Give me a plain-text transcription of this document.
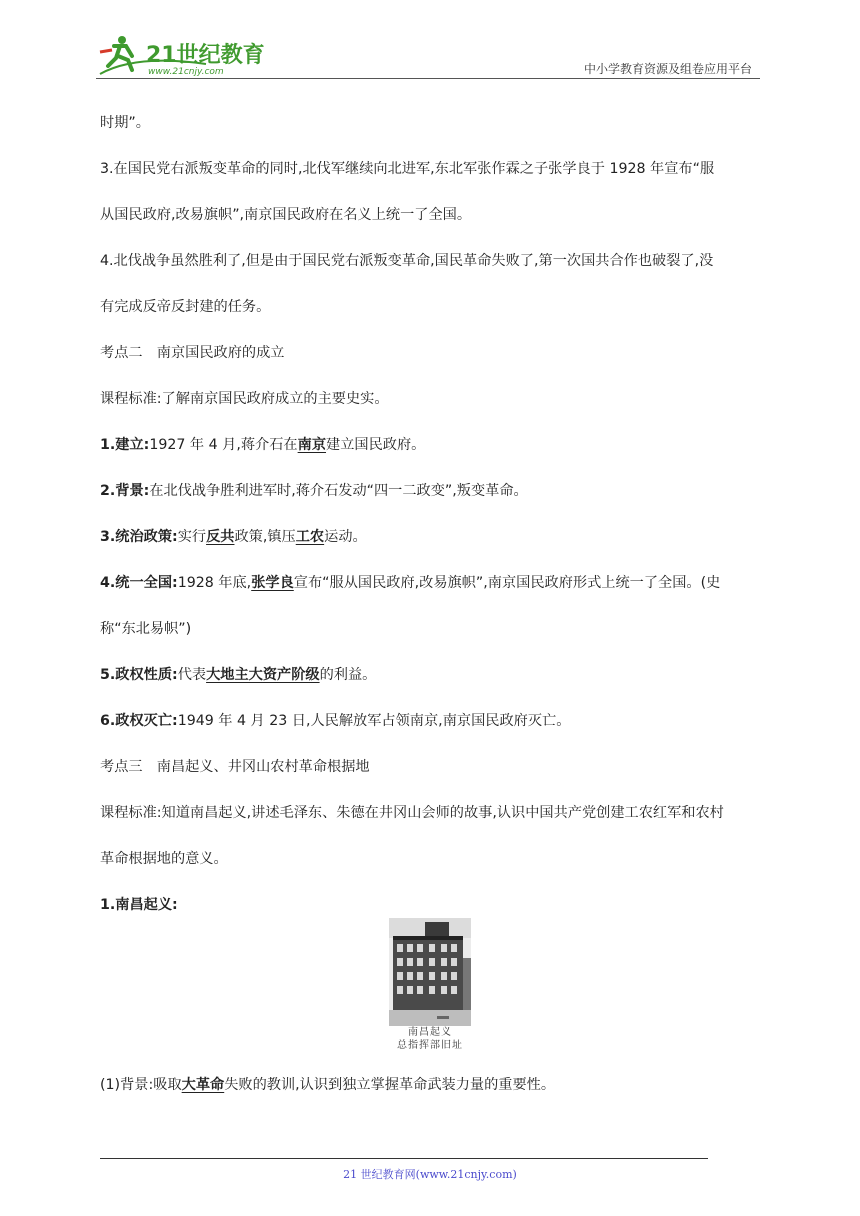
21世纪教育
www.21cnjy.com	中小学教育资源及组卷应用平台

时期”。

3.在国民党右派叛变革命的同时,北伐军继续向北进军,东北军张作霖之子张学良于 1928 年宣布“服

从国民政府,改易旗帜”,南京国民政府在名义上统一了全国。

4.北伐战争虽然胜利了,但是由于国民党右派叛变革命,国民革命失败了,第一次国共合作也破裂了,没

有完成反帝反封建的任务。

考点二　南京国民政府的成立

课程标准:了解南京国民政府成立的主要史实。

1.建立:1927 年 4 月,蒋介石在南京建立国民政府。

2.背景:在北伐战争胜利进军时,蒋介石发动“四一二政变”,叛变革命。

3.统治政策:实行反共政策,镇压工农运动。

4.统一全国:1928 年底,张学良宣布“服从国民政府,改易旗帜”,南京国民政府形式上统一了全国。(史

称“东北易帜”)

5.政权性质:代表大地主大资产阶级的利益。

6.政权灭亡:1949 年 4 月 23 日,人民解放军占领南京,南京国民政府灭亡。

考点三　南昌起义、井冈山农村革命根据地

课程标准:知道南昌起义,讲述毛泽东、朱德在井冈山会师的故事,认识中国共产党创建工农红军和农村

革命根据地的意义。

1.南昌起义:

南昌起义
总指挥部旧址

(1)背景:吸取大革命失败的教训,认识到独立掌握革命武装力量的重要性。

21 世纪教育网(www.21cnjy.com)
